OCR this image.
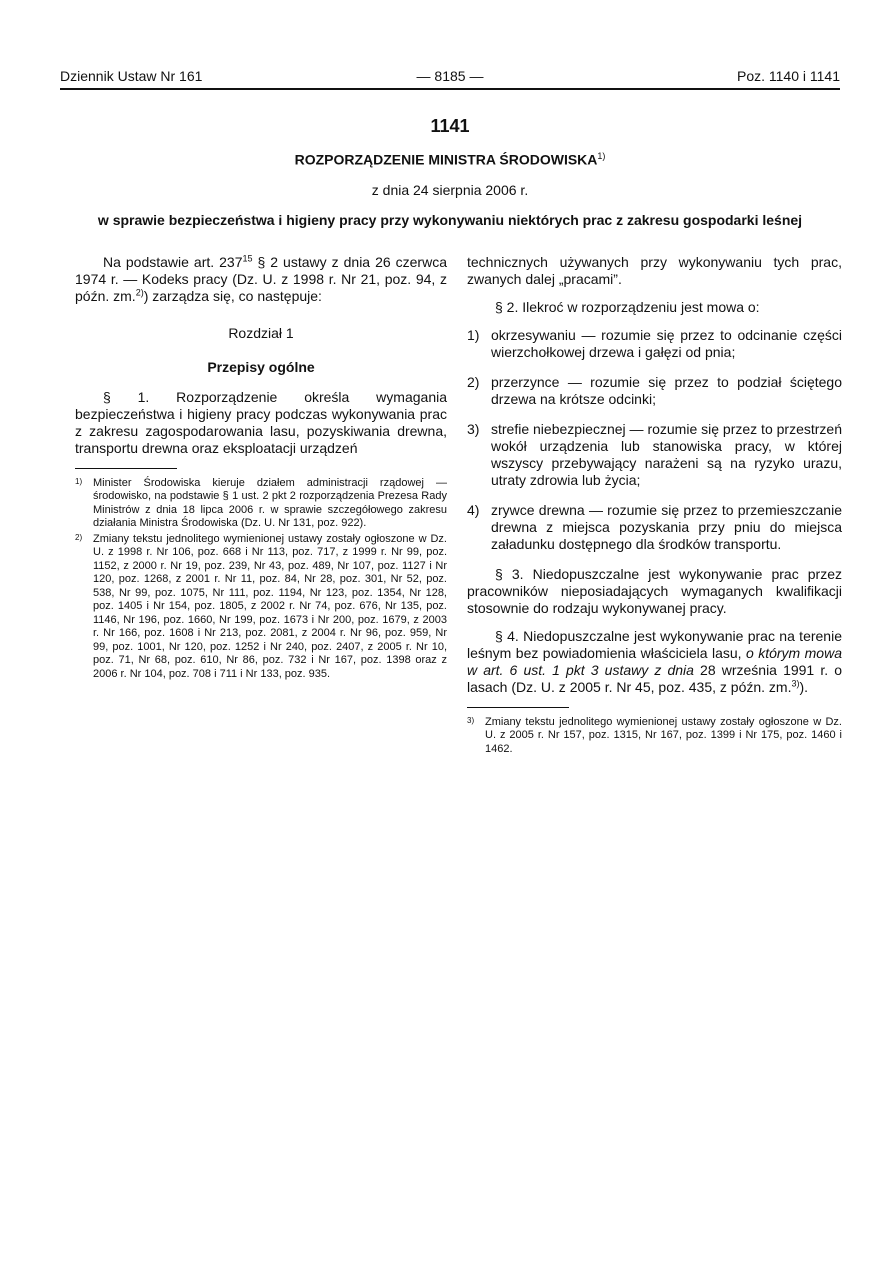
Dziennik Ustaw Nr 161	— 8185 —	Poz. 1140 i 1141
1141
ROZPORZĄDZENIE MINISTRA ŚRODOWISKA$^{1)}$
z dnia 24 sierpnia 2006 r.
w sprawie bezpieczeństwa i higieny pracy przy wykonywaniu niektórych prac z zakresu gospodarki leśnej

Na podstawie art. $237^{15}$ § 2 ustawy z dnia 26 czerwca 1974 r. — Kodeks pracy (Dz. U. z 1998 r. Nr 21, poz. 94, z późn. zm.$^{2)}$) zarządza się, co następuje:

Rozdział 1
Przepisy ogólne

§ 1. Rozporządzenie określa wymagania bezpieczeństwa i higieny pracy podczas wykonywania prac z zakresu zagospodarowania lasu, pozyskiwania drewna, transportu drewna oraz eksploatacji urządzeń

1) Minister Środowiska kieruje działem administracji rządowej — środowisko, na podstawie § 1 ust. 2 pkt 2 rozporządzenia Prezesa Rady Ministrów z dnia 18 lipca 2006 r. w sprawie szczegółowego zakresu działania Ministra Środowiska (Dz. U. Nr 131, poz. 922).
2) Zmiany tekstu jednolitego wymienionej ustawy zostały ogłoszone w Dz. U. z 1998 r. Nr 106, poz. 668 i Nr 113, poz. 717, z 1999 r. Nr 99, poz. 1152, z 2000 r. Nr 19, poz. 239, Nr 43, poz. 489, Nr 107, poz. 1127 i Nr 120, poz. 1268, z 2001 r. Nr 11, poz. 84, Nr 28, poz. 301, Nr 52, poz. 538, Nr 99, poz. 1075, Nr 111, poz. 1194, Nr 123, poz. 1354, Nr 128, poz. 1405 i Nr 154, poz. 1805, z 2002 r. Nr 74, poz. 676, Nr 135, poz. 1146, Nr 196, poz. 1660, Nr 199, poz. 1673 i Nr 200, poz. 1679, z 2003 r. Nr 166, poz. 1608 i Nr 213, poz. 2081, z 2004 r. Nr 96, poz. 959, Nr 99, poz. 1001, Nr 120, poz. 1252 i Nr 240, poz. 2407, z 2005 r. Nr 10, poz. 71, Nr 68, poz. 610, Nr 86, poz. 732 i Nr 167, poz. 1398 oraz z 2006 r. Nr 104, poz. 708 i 711 i Nr 133, poz. 935.

technicznych używanych przy wykonywaniu tych prac, zwanych dalej „pracami”.

§ 2. Ilekroć w rozporządzeniu jest mowa o:

1) okrzesywaniu — rozumie się przez to odcinanie części wierzchołkowej drzewa i gałęzi od pnia;
2) przerzynce — rozumie się przez to podział ściętego drzewa na krótsze odcinki;
3) strefie niebezpiecznej — rozumie się przez to przestrzeń wokół urządzenia lub stanowiska pracy, w której wszyscy przebywający narażeni są na ryzyko urazu, utraty zdrowia lub życia;
4) zrywce drewna — rozumie się przez to przemieszczanie drewna z miejsca pozyskania przy pniu do miejsca załadunku dostępnego dla środków transportu.

§ 3. Niedopuszczalne jest wykonywanie prac przez pracowników nieposiadających wymaganych kwalifikacji stosownie do rodzaju wykonywanej pracy.

§ 4. Niedopuszczalne jest wykonywanie prac na terenie leśnym bez powiadomienia właściciela lasu, o którym mowa w art. 6 ust. 1 pkt 3 ustawy z dnia 28 września 1991 r. o lasach (Dz. U. z 2005 r. Nr 45, poz. 435, z późn. zm.$^{3)}$).

3) Zmiany tekstu jednolitego wymienionej ustawy zostały ogłoszone w Dz. U. z 2005 r. Nr 157, poz. 1315, Nr 167, poz. 1399 i Nr 175, poz. 1460 i 1462.
